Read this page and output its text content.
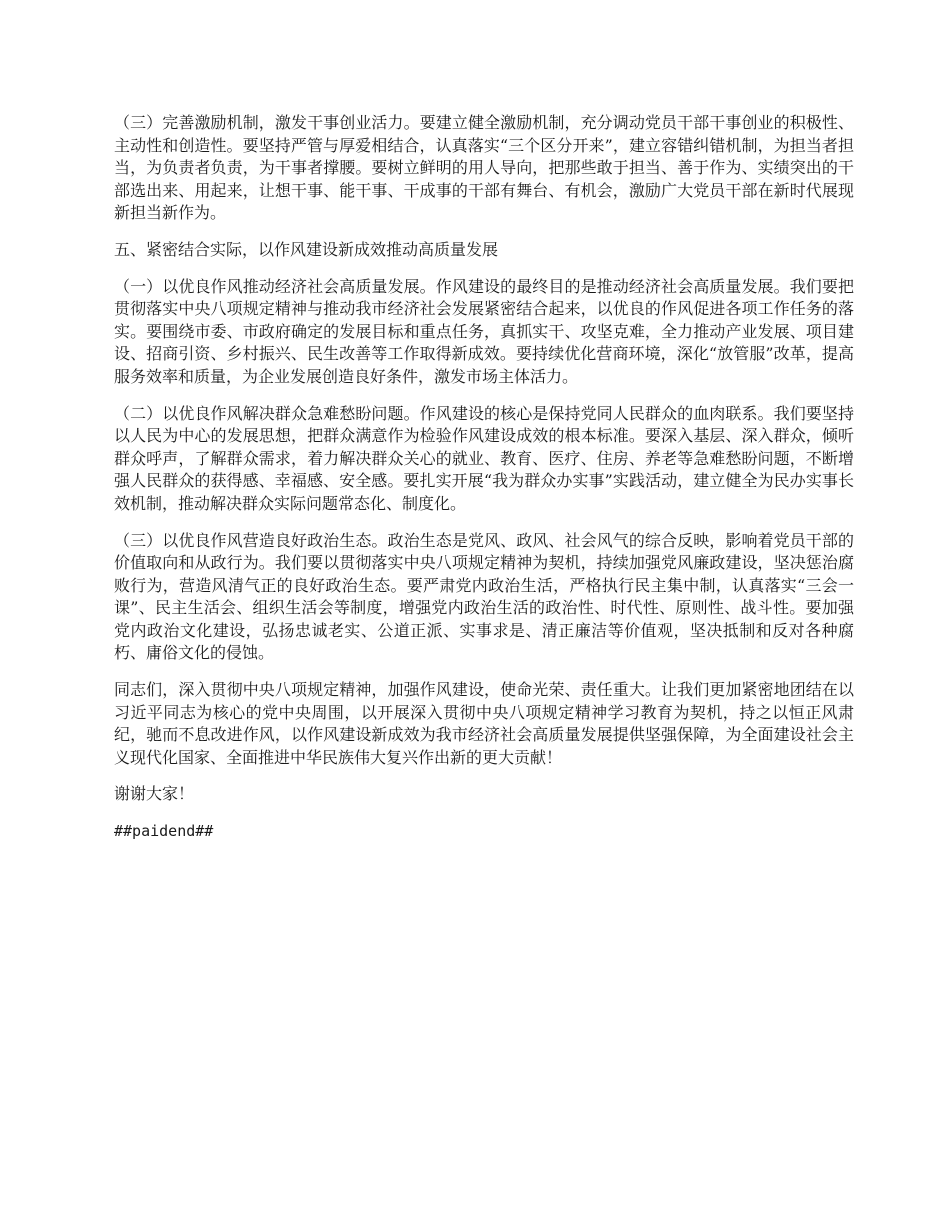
（三）完善激励机制，激发干事创业活力。要建立健全激励机制，充分调动党员干部干事创业的积极性、主动性和创造性。要坚持严管与厚爱相结合，认真落实“三个区分开来”，建立容错纠错机制，为担当者担当，为负责者负责，为干事者撑腰。要树立鲜明的用人导向，把那些敢于担当、善于作为、实绩突出的干部选出来、用起来，让想干事、能干事、干成事的干部有舞台、有机会，激励广大党员干部在新时代展现新担当新作为。

五、紧密结合实际，以作风建设新成效推动高质量发展

（一）以优良作风推动经济社会高质量发展。作风建设的最终目的是推动经济社会高质量发展。我们要把贯彻落实中央八项规定精神与推动我市经济社会发展紧密结合起来，以优良的作风促进各项工作任务的落实。要围绕市委、市政府确定的发展目标和重点任务，真抓实干、攻坚克难，全力推动产业发展、项目建设、招商引资、乡村振兴、民生改善等工作取得新成效。要持续优化营商环境，深化“放管服”改革，提高服务效率和质量，为企业发展创造良好条件，激发市场主体活力。

（二）以优良作风解决群众急难愁盼问题。作风建设的核心是保持党同人民群众的血肉联系。我们要坚持以人民为中心的发展思想，把群众满意作为检验作风建设成效的根本标准。要深入基层、深入群众，倾听群众呼声，了解群众需求，着力解决群众关心的就业、教育、医疗、住房、养老等急难愁盼问题，不断增强人民群众的获得感、幸福感、安全感。要扎实开展“我为群众办实事”实践活动，建立健全为民办实事长效机制，推动解决群众实际问题常态化、制度化。

（三）以优良作风营造良好政治生态。政治生态是党风、政风、社会风气的综合反映，影响着党员干部的价值取向和从政行为。我们要以贯彻落实中央八项规定精神为契机，持续加强党风廉政建设，坚决惩治腐败行为，营造风清气正的良好政治生态。要严肃党内政治生活，严格执行民主集中制，认真落实“三会一课”、民主生活会、组织生活会等制度，增强党内政治生活的政治性、时代性、原则性、战斗性。要加强党内政治文化建设，弘扬忠诚老实、公道正派、实事求是、清正廉洁等价值观，坚决抵制和反对各种腐朽、庸俗文化的侵蚀。

同志们，深入贯彻中央八项规定精神，加强作风建设，使命光荣、责任重大。让我们更加紧密地团结在以习近平同志为核心的党中央周围，以开展深入贯彻中央八项规定精神学习教育为契机，持之以恒正风肃纪，驰而不息改进作风，以作风建设新成效为我市经济社会高质量发展提供坚强保障，为全面建设社会主义现代化国家、全面推进中华民族伟大复兴作出新的更大贡献！

谢谢大家！

##paidend##
